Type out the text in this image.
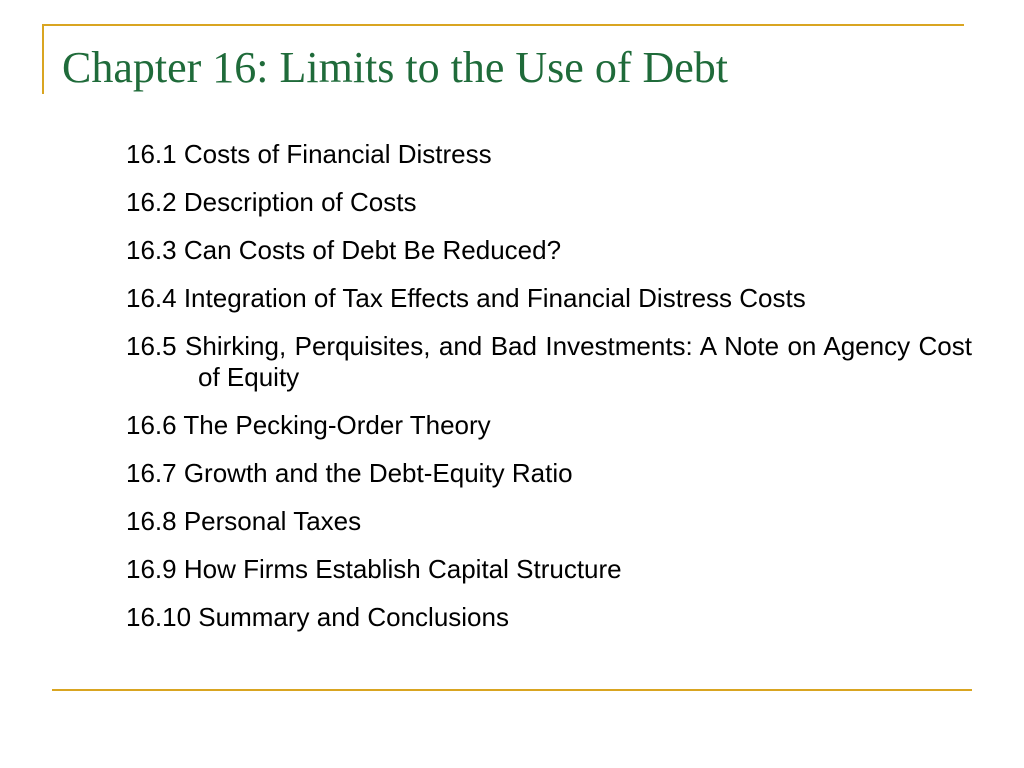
Chapter 16: Limits to the Use of Debt
16.1 Costs of Financial Distress
16.2 Description of Costs
16.3 Can Costs of Debt Be Reduced?
16.4 Integration of Tax Effects and Financial Distress Costs
16.5 Shirking, Perquisites, and Bad Investments: A Note on Agency Cost of Equity
16.6 The Pecking-Order Theory
16.7 Growth and the Debt-Equity Ratio
16.8 Personal Taxes
16.9 How Firms Establish Capital Structure
16.10 Summary and Conclusions
